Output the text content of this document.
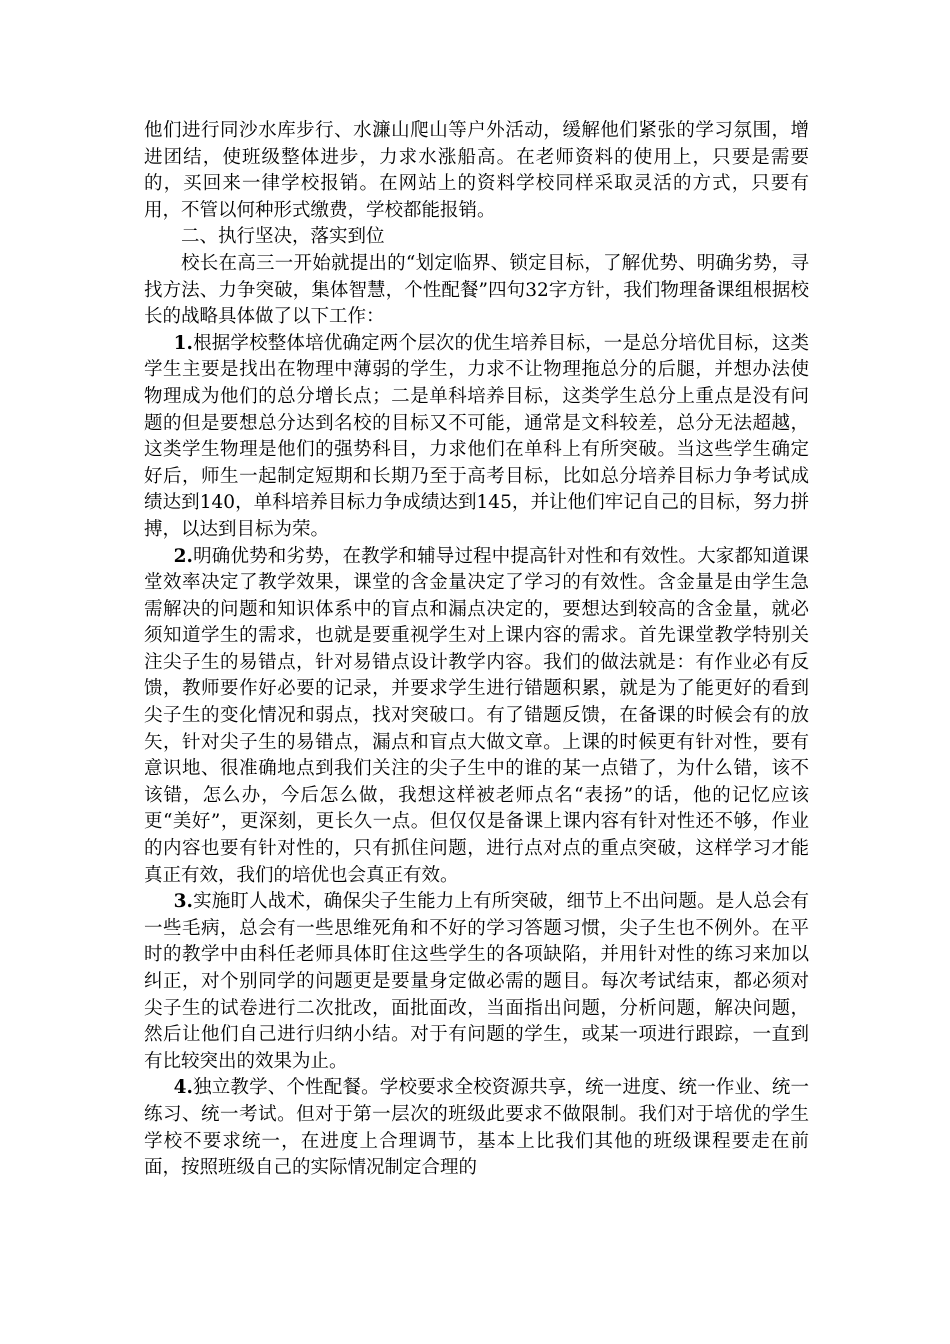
他们进行同沙水库步行、水濂山爬山等户外活动，缓解他们紧张的学习氛围，增进团结，使班级整体进步，力求水涨船高。在老师资料的使用上，只要是需要的，买回来一律学校报销。在网站上的资料学校同样采取灵活的方式，只要有用，不管以何种形式缴费，学校都能报销。

二、执行坚决，落实到位

校长在高三一开始就提出的“划定临界、锁定目标，了解优势、明确劣势，寻找方法、力争突破，集体智慧，个性配餐”四句32字方针，我们物理备课组根据校长的战略具体做了以下工作：

1.根据学校整体培优确定两个层次的优生培养目标，一是总分培优目标，这类学生主要是找出在物理中薄弱的学生，力求不让物理拖总分的后腿，并想办法使物理成为他们的总分增长点；二是单科培养目标，这类学生总分上重点是没有问题的但是要想总分达到名校的目标又不可能，通常是文科较差，总分无法超越，这类学生物理是他们的强势科目，力求他们在单科上有所突破。当这些学生确定好后，师生一起制定短期和长期乃至于高考目标，比如总分培养目标力争考试成绩达到140，单科培养目标力争成绩达到145，并让他们牢记自己的目标，努力拼搏，以达到目标为荣。

2.明确优势和劣势，在教学和辅导过程中提高针对性和有效性。大家都知道课堂效率决定了教学效果，课堂的含金量决定了学习的有效性。含金量是由学生急需解决的问题和知识体系中的盲点和漏点决定的，要想达到较高的含金量，就必须知道学生的需求，也就是要重视学生对上课内容的需求。首先课堂教学特别关注尖子生的易错点，针对易错点设计教学内容。我们的做法就是：有作业必有反馈，教师要作好必要的记录，并要求学生进行错题积累，就是为了能更好的看到尖子生的变化情况和弱点，找对突破口。有了错题反馈，在备课的时候会有的放矢，针对尖子生的易错点，漏点和盲点大做文章。上课的时候更有针对性，要有意识地、很准确地点到我们关注的尖子生中的谁的某一点错了，为什么错，该不该错，怎么办，今后怎么做，我想这样被老师点名“表扬”的话，他的记忆应该更“美好”，更深刻，更长久一点。但仅仅是备课上课内容有针对性还不够，作业的内容也要有针对性的，只有抓住问题，进行点对点的重点突破，这样学习才能真正有效，我们的培优也会真正有效。

3.实施盯人战术，确保尖子生能力上有所突破，细节上不出问题。是人总会有一些毛病，总会有一些思维死角和不好的学习答题习惯，尖子生也不例外。在平时的教学中由科任老师具体盯住这些学生的各项缺陷，并用针对性的练习来加以纠正，对个别同学的问题更是要量身定做必需的题目。每次考试结束，都必须对尖子生的试卷进行二次批改，面批面改，当面指出问题，分析问题，解决问题，然后让他们自己进行归纳小结。对于有问题的学生，或某一项进行跟踪，一直到有比较突出的效果为止。

4.独立教学、个性配餐。学校要求全校资源共享，统一进度、统一作业、统一练习、统一考试。但对于第一层次的班级此要求不做限制。我们对于培优的学生学校不要求统一，在进度上合理调节，基本上比我们其他的班级课程要走在前面，按照班级自己的实际情况制定合理的
